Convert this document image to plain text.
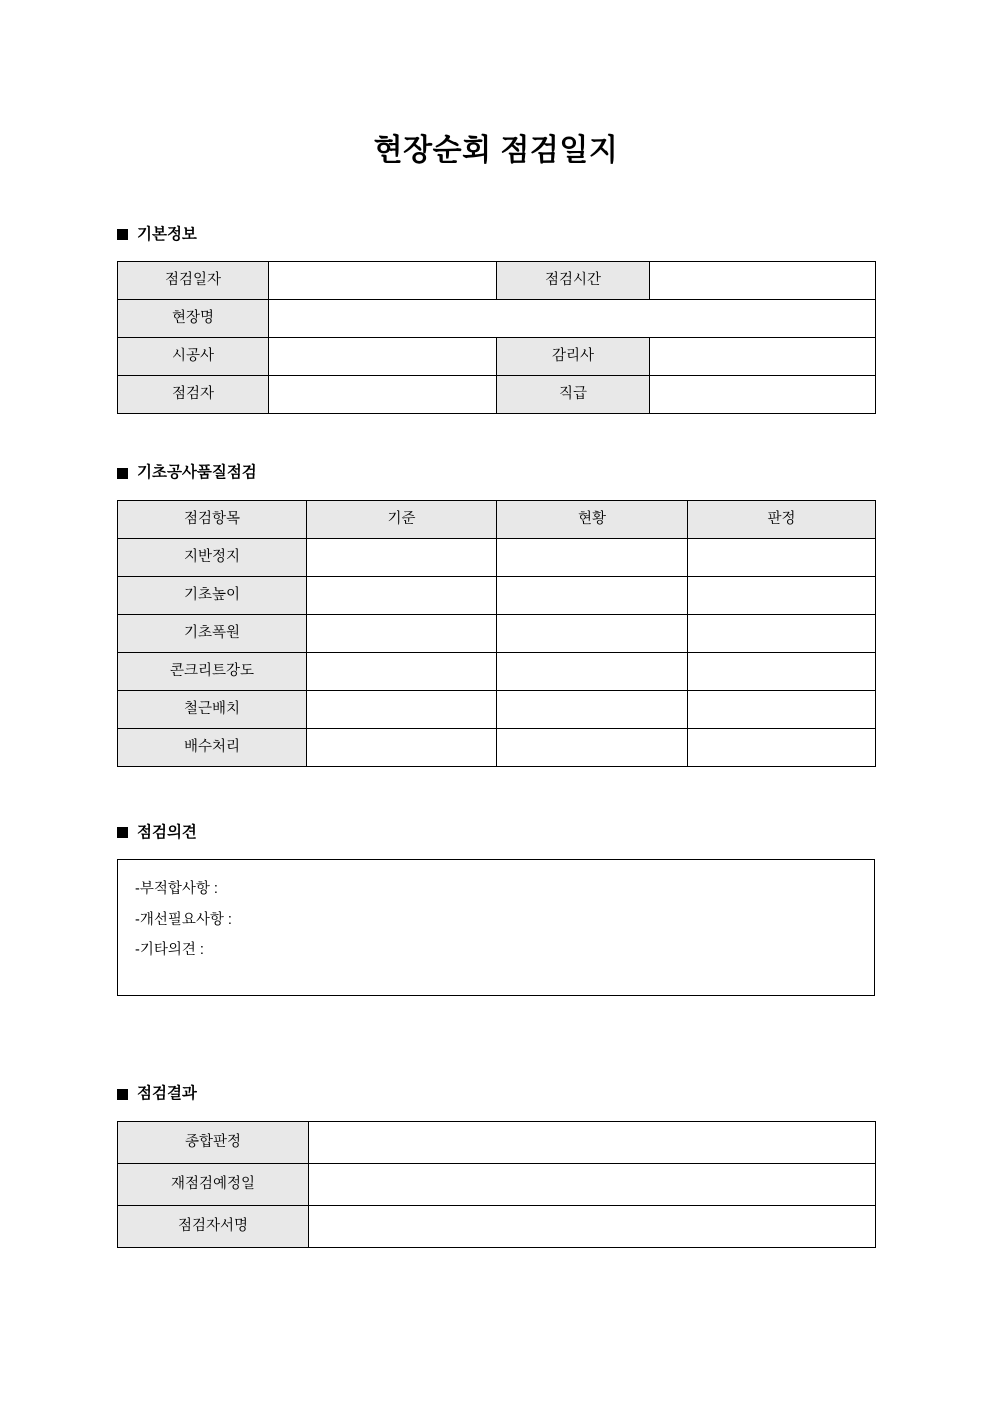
현장순회 점검일지
기본정보
점검일자		점검시간	
현장명			
시공사		감리사	
점검자		직급	
기초공사품질점검
점검항목	기준	현황	판정
지반정지			
기초높이			
기초폭원			
콘크리트강도			
철근배치			
배수처리			
점검의견
-부적합사항 :
-개선필요사항 :
-기타의견 :
점검결과
종합판정	
재점검예정일	
점검자서명	
